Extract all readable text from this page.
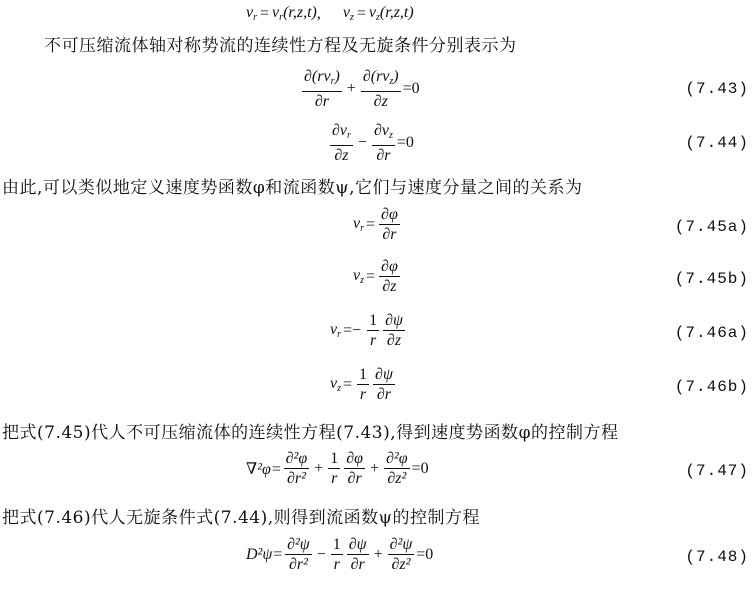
$v_r = v_r(r,z,t)$ , $v_z = v_z(r,z,t)$
不可压缩流体轴对称势流的连续性方程及无旋条件分别表示为
$\frac{\partial(rv_r)}{\partial r} + \frac{\partial(rv_z)}{\partial z} =0$	(7.43)
$\frac{\partial v_r}{\partial z} - \frac{\partial v_z}{\partial r} =0$	(7.44)
由此,可以类似地定义速度势函数φ和流函数ψ,它们与速度分量之间的关系为
$v_r = \frac{\partial\varphi}{\partial r}$	(7.45a)
$v_z = \frac{\partial\varphi}{\partial z}$	(7.45b)
$v_r =- \frac{1}{r} \frac{\partial\psi}{\partial z}$	(7.46a)
$v_z = \frac{1}{r} \frac{\partial\psi}{\partial r}$	(7.46b)
把式(7.45)代人不可压缩流体的连续性方程(7.43),得到速度势函数φ的控制方程
$\nabla^2\varphi= \frac{\text{∂²φ}}{\text{∂r²}} + \frac{1}{r} \frac{\partial\varphi}{\partial r} + \frac{\text{∂²φ}}{\text{∂z²}} =0$	(7.47)
把式(7.46)代人无旋条件式(7.44),则得到流函数ψ的控制方程
$D^2\psi= \frac{\text{∂²ψ}}{\text{∂r²}} - \frac{1}{r} \frac{\partial\psi}{\partial r} + \frac{\text{∂²ψ}}{\text{∂z²}} =0$	(7.48)
